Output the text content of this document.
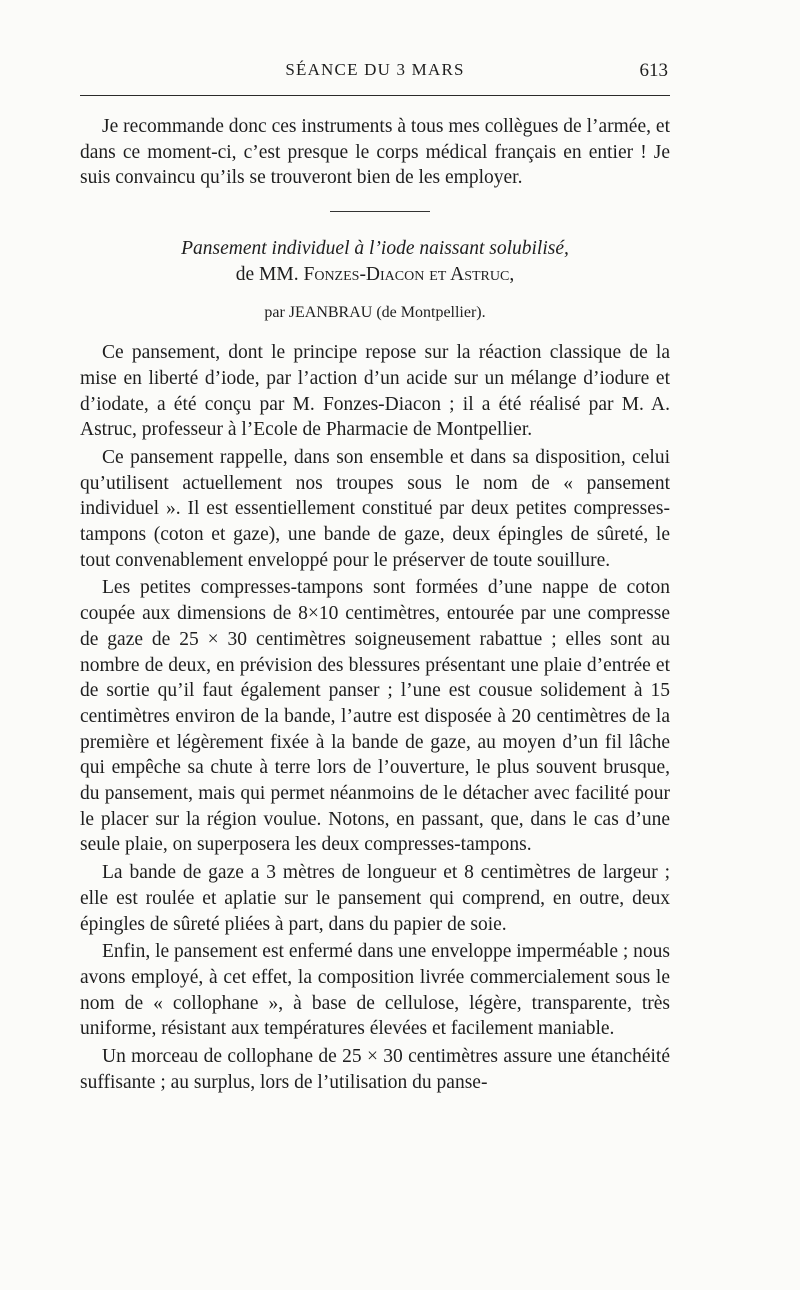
SÉANCE DU 3 MARS	613

Je recommande donc ces instruments à tous mes collègues de l’armée, et dans ce moment-ci, c’est presque le corps médical français en entier ! Je suis convaincu qu’ils se trouveront bien de les employer.

Pansement individuel à l’iode naissant solubilisé,
de MM. Fonzes-Diacon et Astruc,
par JEANBRAU (de Montpellier).

Ce pansement, dont le principe repose sur la réaction classique de la mise en liberté d’iode, par l’action d’un acide sur un mélange d’iodure et d’iodate, a été conçu par M. Fonzes-Diacon ; il a été réalisé par M. A. Astruc, professeur à l’Ecole de Pharmacie de Montpellier.

Ce pansement rappelle, dans son ensemble et dans sa disposition, celui qu’utilisent actuellement nos troupes sous le nom de « pansement individuel ». Il est essentiellement constitué par deux petites compresses-tampons (coton et gaze), une bande de gaze, deux épingles de sûreté, le tout convenablement enveloppé pour le préserver de toute souillure.

Les petites compresses-tampons sont formées d’une nappe de coton coupée aux dimensions de 8×10 centimètres, entourée par une compresse de gaze de 25 × 30 centimètres soigneusement rabattue ; elles sont au nombre de deux, en prévision des blessures présentant une plaie d’entrée et de sortie qu’il faut également panser ; l’une est cousue solidement à 15 centimètres environ de la bande, l’autre est disposée à 20 centimètres de la première et légèrement fixée à la bande de gaze, au moyen d’un fil lâche qui empêche sa chute à terre lors de l’ouverture, le plus souvent brusque, du pansement, mais qui permet néanmoins de le détacher avec facilité pour le placer sur la région voulue. Notons, en passant, que, dans le cas d’une seule plaie, on superposera les deux compresses-tampons.

La bande de gaze a 3 mètres de longueur et 8 centimètres de largeur ; elle est roulée et aplatie sur le pansement qui comprend, en outre, deux épingles de sûreté pliées à part, dans du papier de soie.

Enfin, le pansement est enfermé dans une enveloppe imperméable ; nous avons employé, à cet effet, la composition livrée commercialement sous le nom de « collophane », à base de cellulose, légère, transparente, très uniforme, résistant aux températures élevées et facilement maniable.

Un morceau de collophane de 25 × 30 centimètres assure une étanchéité suffisante ; au surplus, lors de l’utilisation du panse-
